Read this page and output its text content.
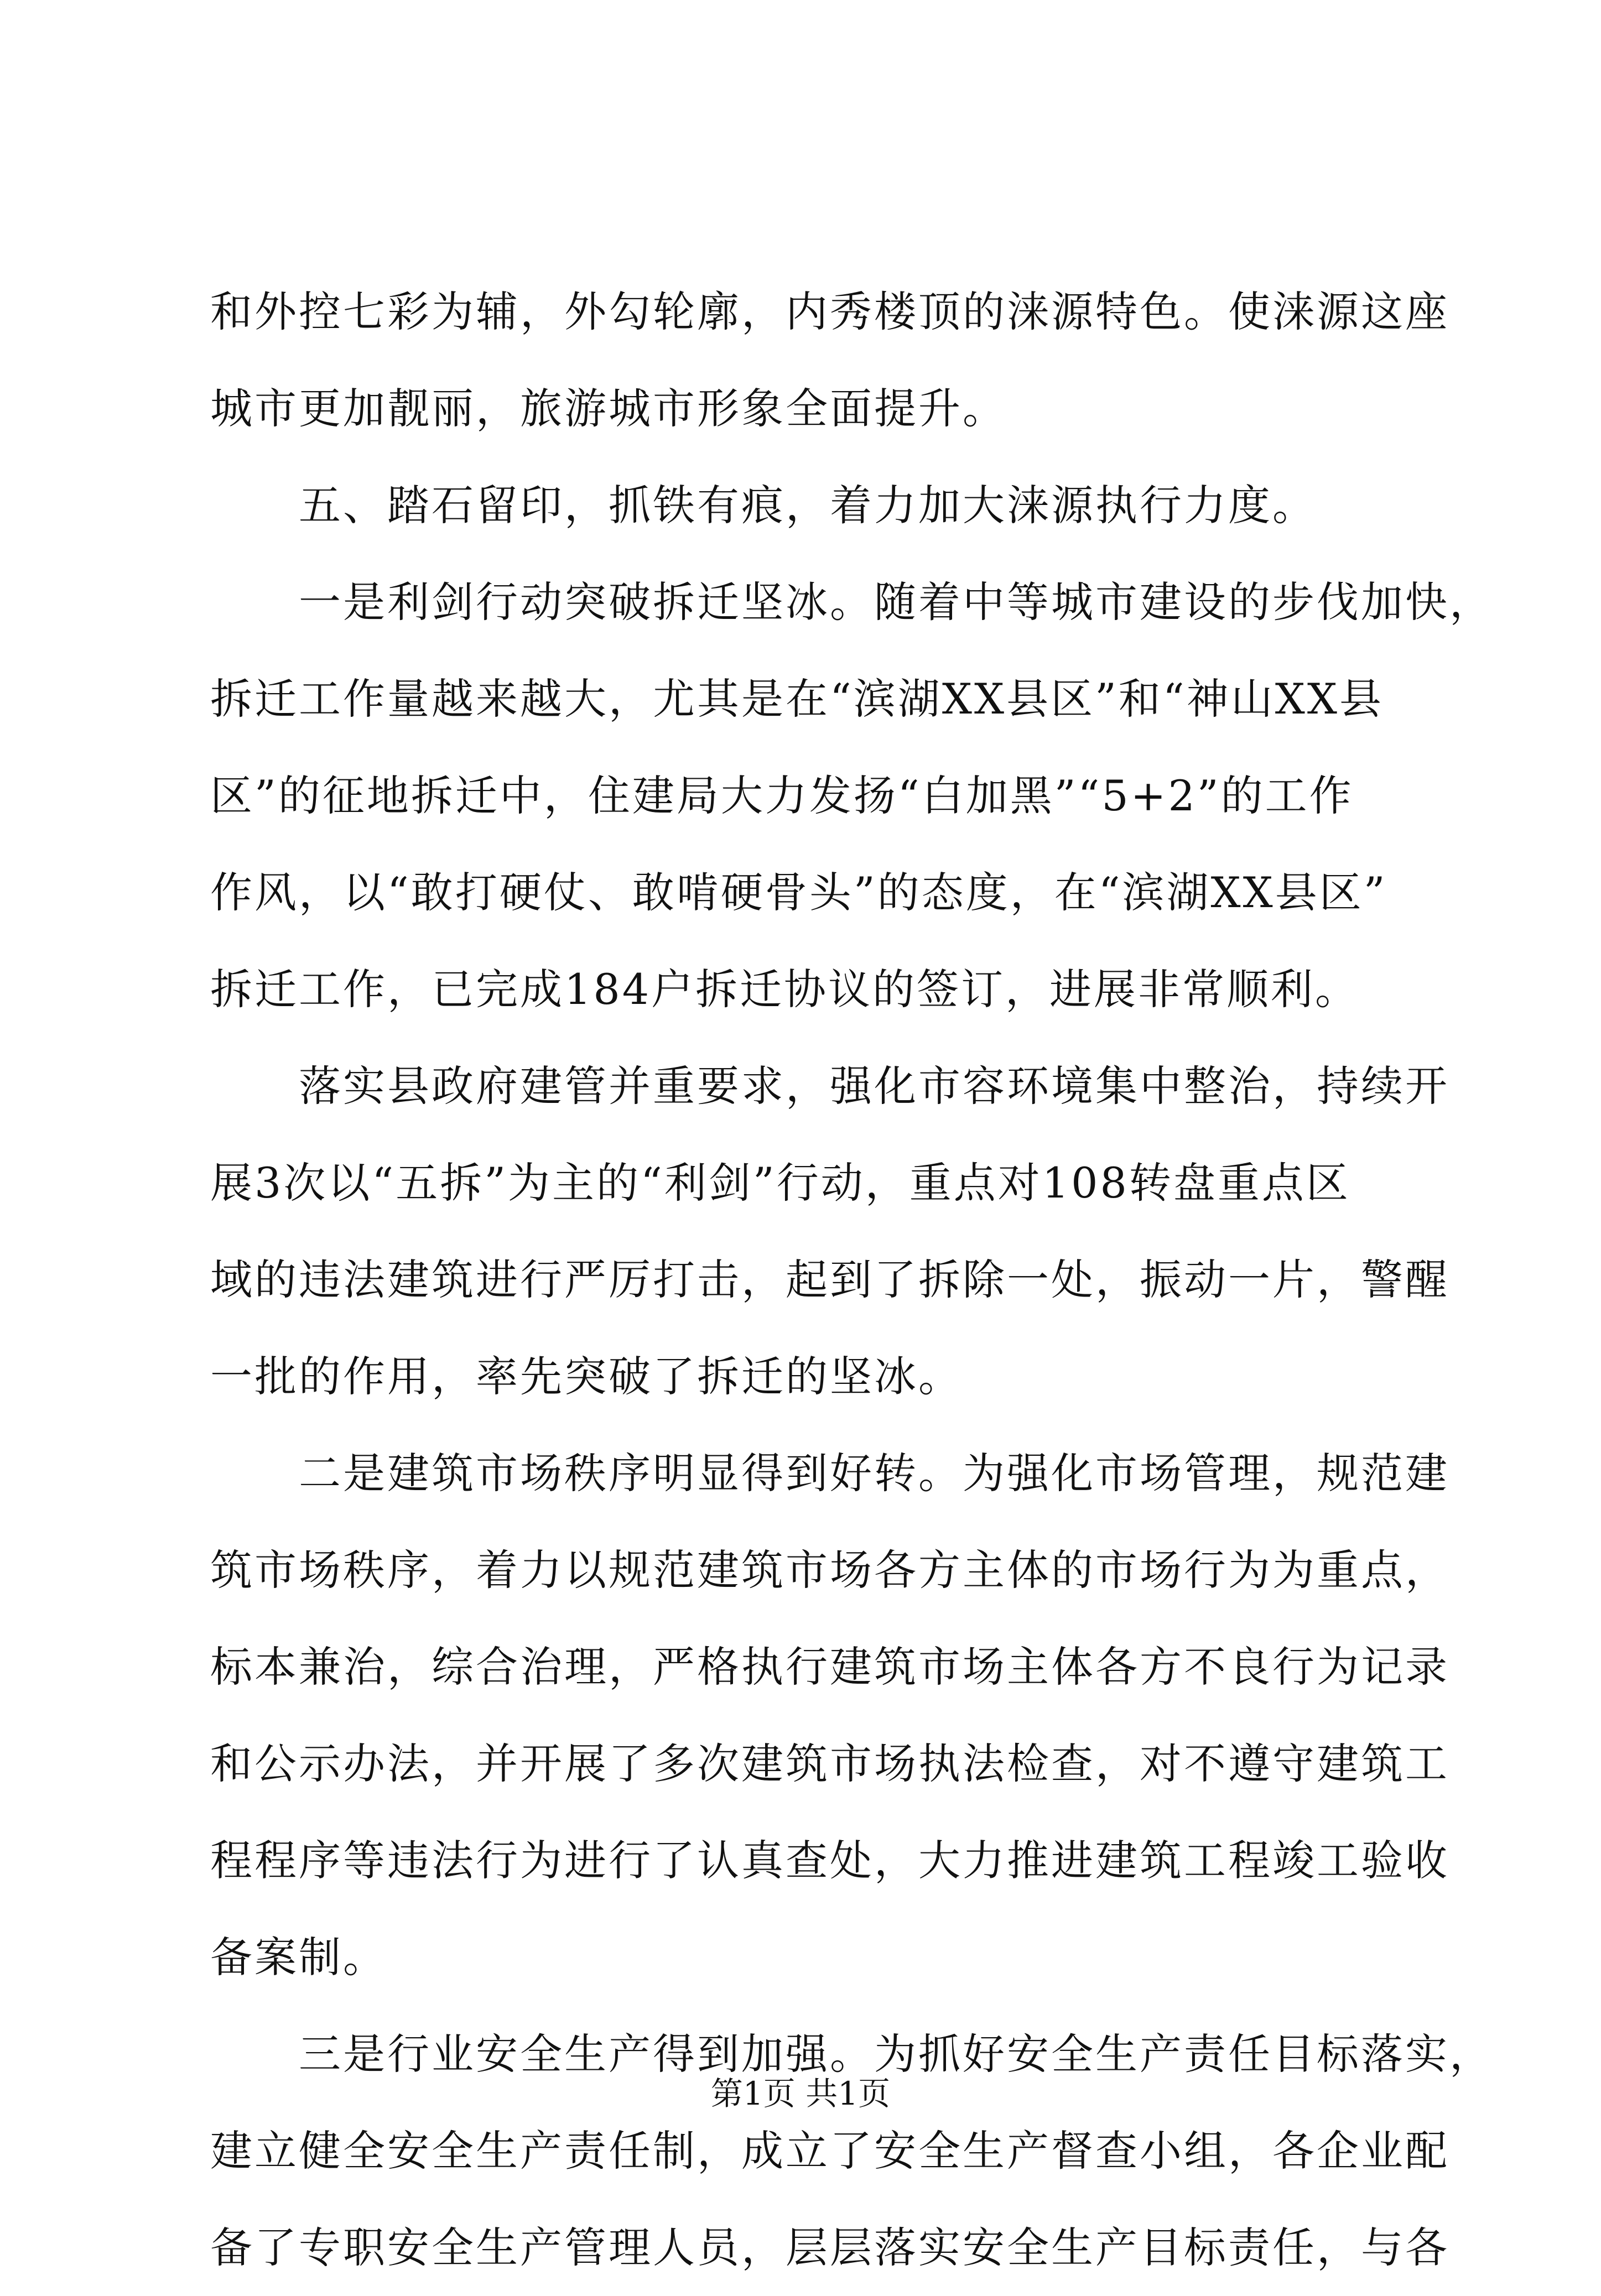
和外控七彩为辅，外勾轮廓，内秀楼顶的涞源特色。使涞源这座
城市更加靓丽，旅游城市形象全面提升。
　　五、踏石留印，抓铁有痕，着力加大涞源执行力度。
　　一是利剑行动突破拆迁坚冰。随着中等城市建设的步伐加快，
拆迁工作量越来越大，尤其是在“滨湖XX县区”和“神山XX县
区”的征地拆迁中，住建局大力发扬“白加黑”“5+2”的工作
作风，以“敢打硬仗、敢啃硬骨头”的态度，在“滨湖XX县区”
拆迁工作，已完成184户拆迁协议的签订，进展非常顺利。
　　落实县政府建管并重要求，强化市容环境集中整治，持续开
展3次以“五拆”为主的“利剑”行动，重点对108转盘重点区
域的违法建筑进行严厉打击，起到了拆除一处，振动一片，警醒
一批的作用，率先突破了拆迁的坚冰。
　　二是建筑市场秩序明显得到好转。为强化市场管理，规范建
筑市场秩序，着力以规范建筑市场各方主体的市场行为为重点，
标本兼治，综合治理，严格执行建筑市场主体各方不良行为记录
和公示办法，并开展了多次建筑市场执法检查，对不遵守建筑工
程程序等违法行为进行了认真查处，大力推进建筑工程竣工验收
备案制。
　　三是行业安全生产得到加强。为抓好安全生产责任目标落实，
建立健全安全生产责任制，成立了安全生产督查小组，各企业配
备了专职安全生产管理人员，层层落实安全生产目标责任，与各
第1页 共1页
